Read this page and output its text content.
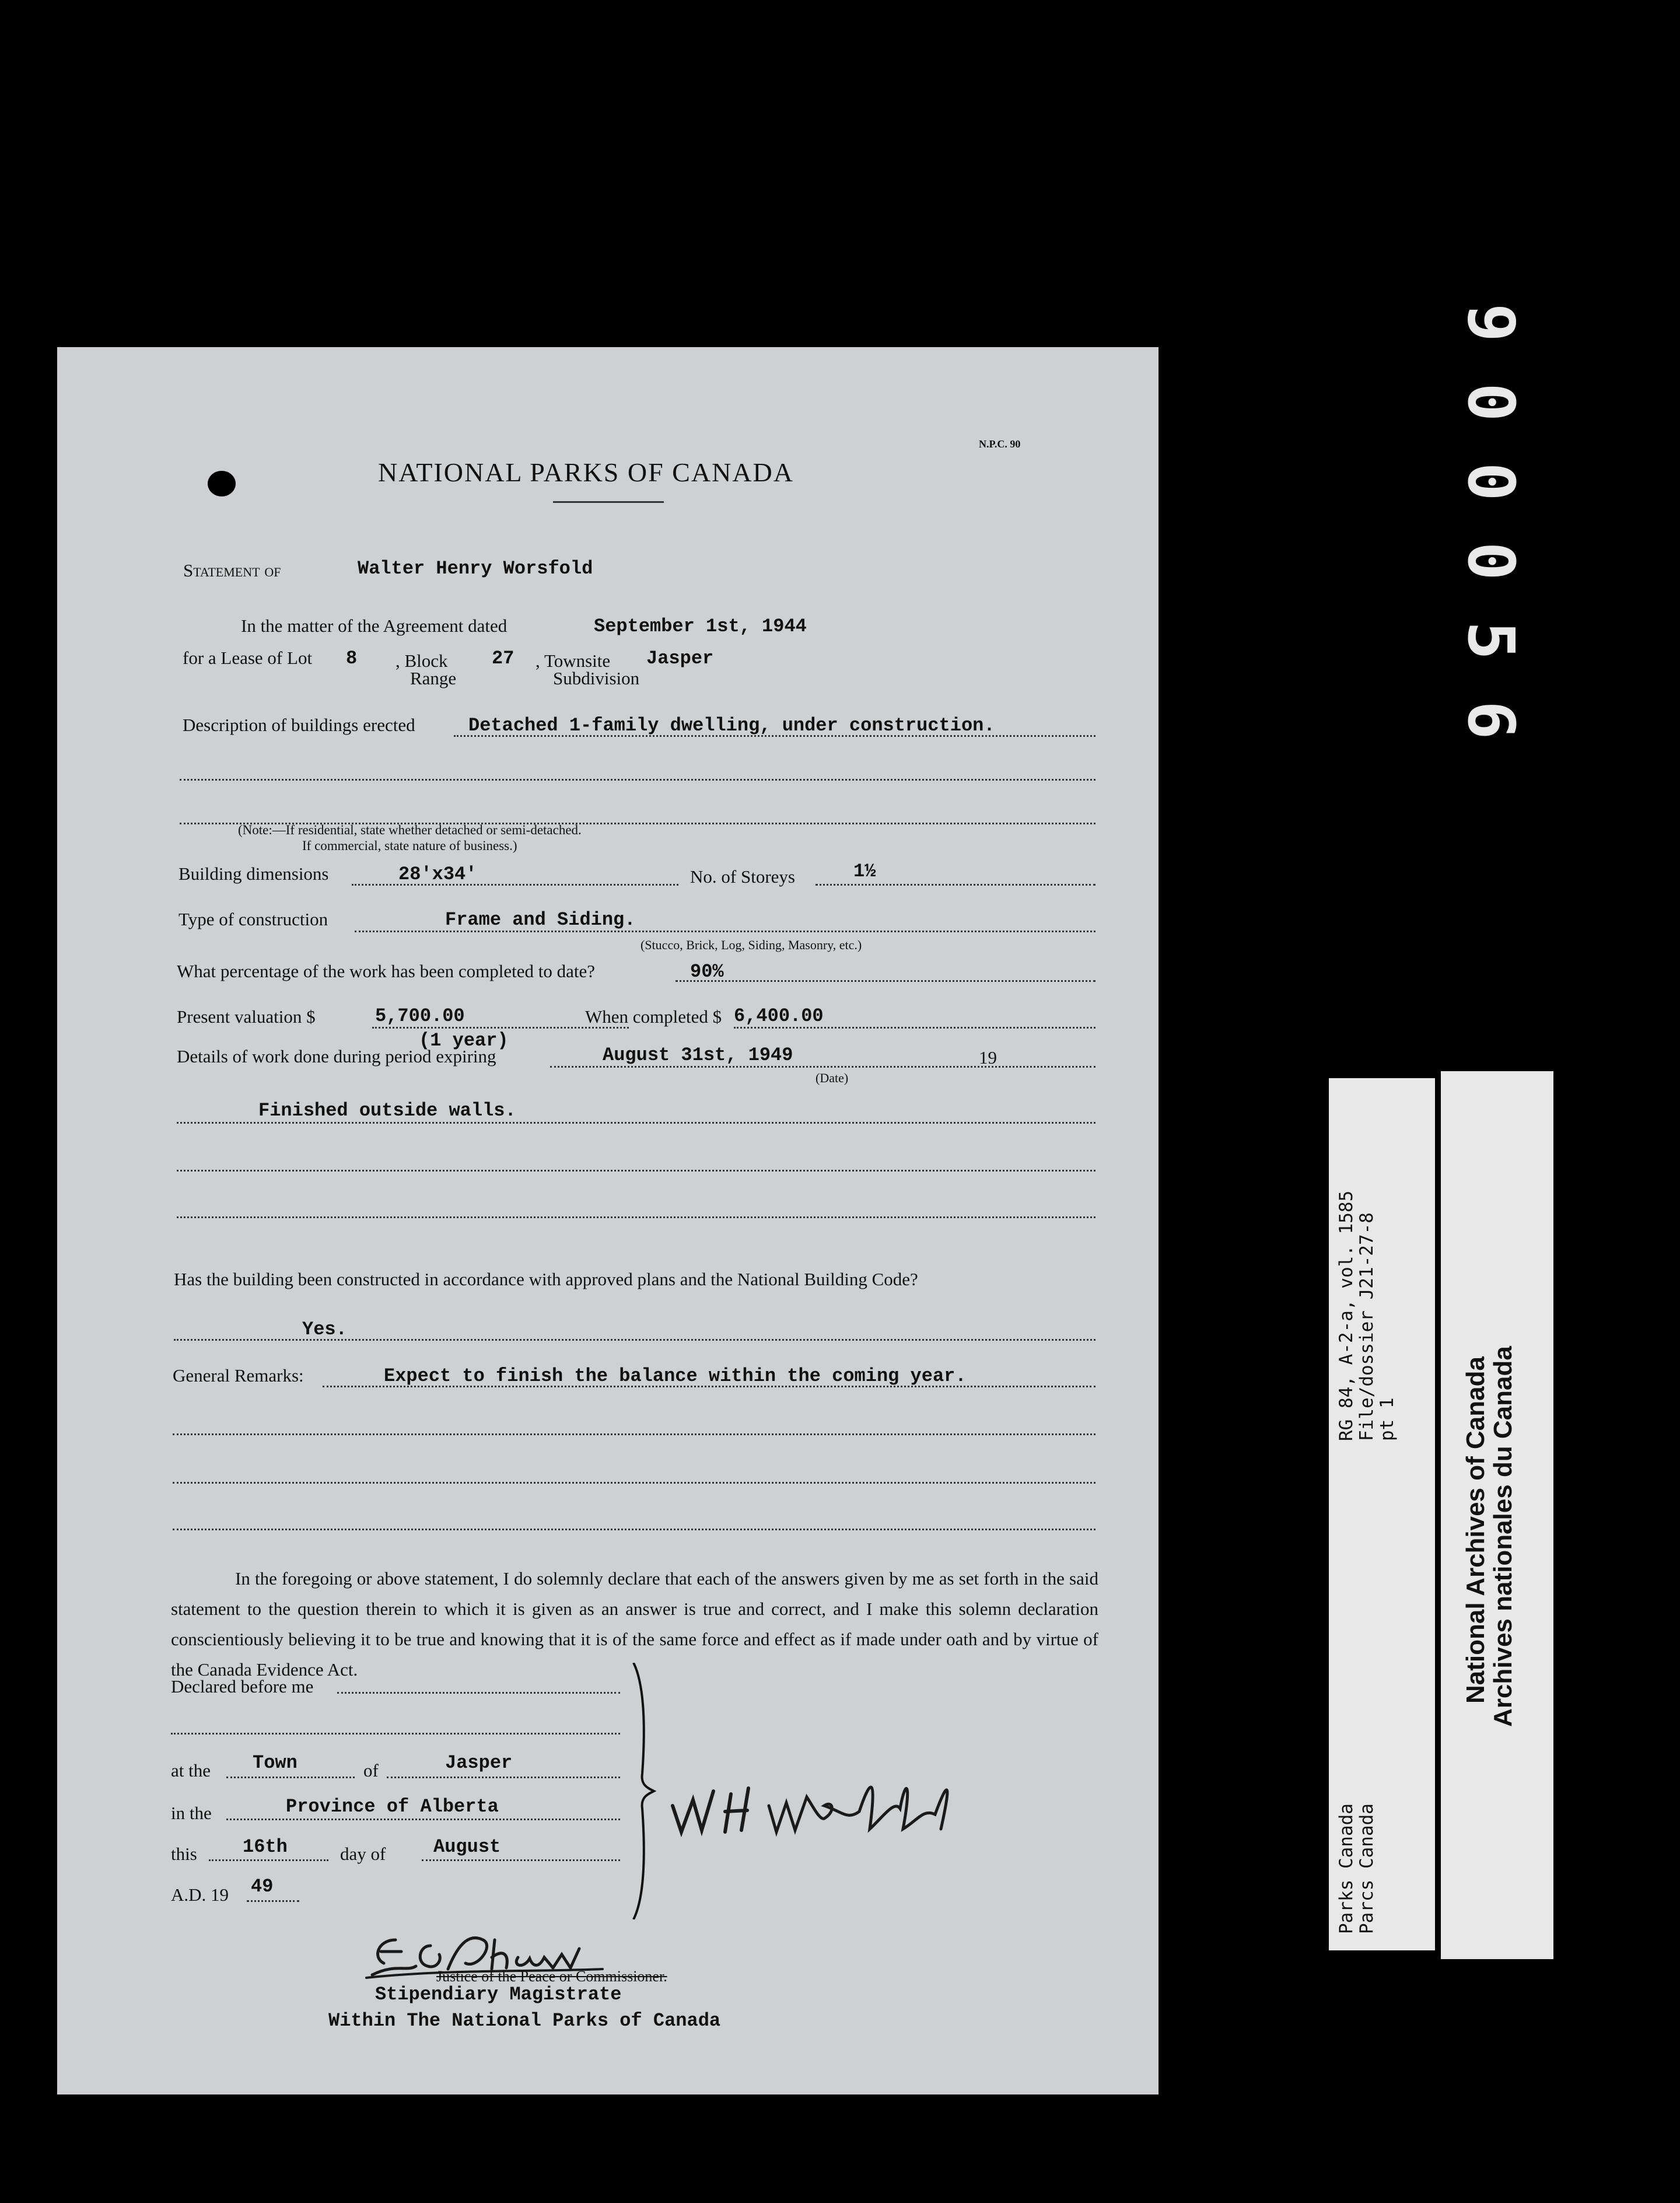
900056
N.P.C. 90
NATIONAL PARKS OF CANADA
Statement of	Walter Henry Worsfold
In the matter of the Agreement dated	September 1st, 1944
for a Lease of Lot 8 , Block 27
Range
, Townsite Jasper
Subdivision
Description of buildings erected	Detached 1-family dwelling, under construction.
(Note:—If residential, state whether detached or semi-detached.
If commercial, state nature of business.)
Building dimensions	28'x34'	No. of Storeys	1½
Type of construction	Frame and Siding.
(Stucco, Brick, Log, Siding, Masonry, etc.)
What percentage of the work has been completed to date?	90%
Present valuation $	5,700.00	When completed $ 6,400.00
(1 year)
Details of work done during period expiring	August 31st, 1949	19
(Date)
Finished outside walls.
Has the building been constructed in accordance with approved plans and the National Building Code?
Yes.
General Remarks:	Expect to finish the balance within the coming year.
In the foregoing or above statement, I do solemnly declare that each of the answers given by me as set forth in the said statement to the question therein to which it is given as an answer is true and correct, and I make this solemn declaration conscientiously believing it to be true and knowing that it is of the same force and effect as if made under oath and by virtue of the Canada Evidence Act.
Declared before me
at the Town	of	Jasper
in the	Province of Alberta
this 16th	day of	August
A.D. 19 49
Justice of the Peace or Commissioner.
Stipendiary Magistrate
Within The National Parks of Canada
RG 84, A-2-a, vol. 1585 File/dossier J21-27-8 pt 1
Parks Canada Parcs Canada
National Archives of Canada
Archives nationales du Canada
